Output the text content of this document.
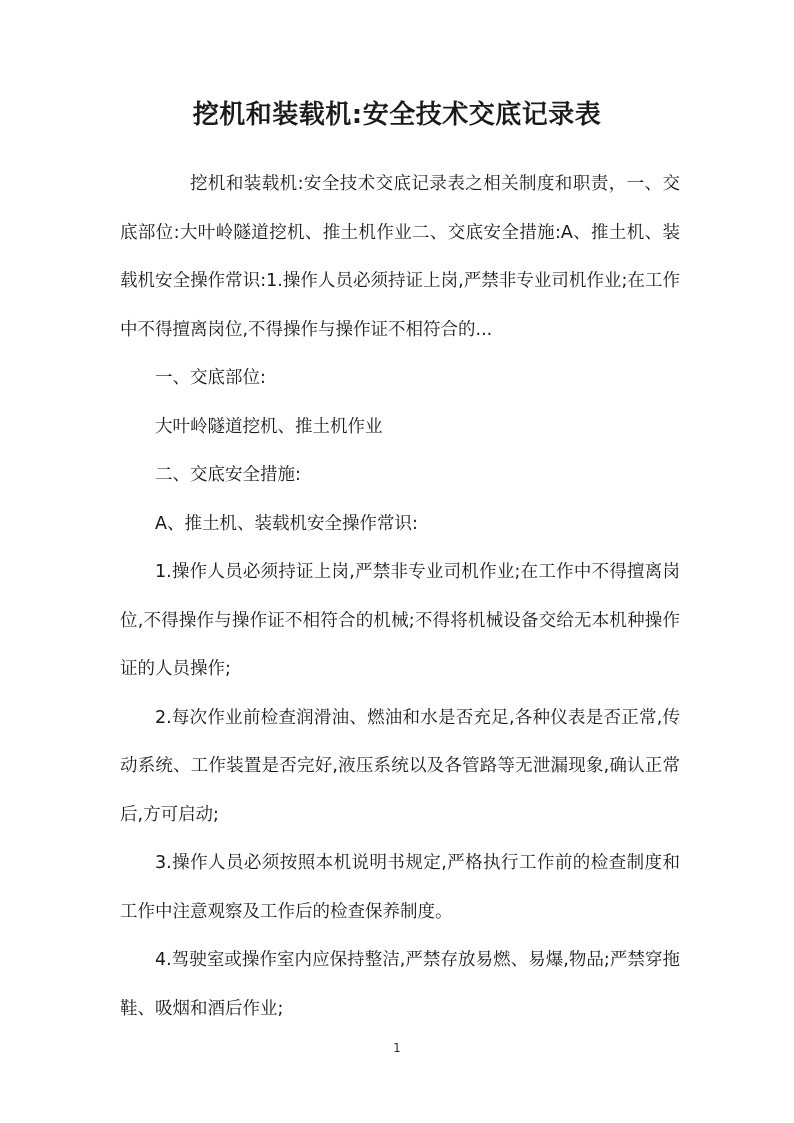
挖机和装载机:安全技术交底记录表

挖机和装载机:安全技术交底记录表之相关制度和职责，一、交底部位:大叶岭隧道挖机、推土机作业二、交底安全措施:A、推土机、装载机安全操作常识:1.操作人员必须持证上岗,严禁非专业司机作业;在工作中不得擅离岗位,不得操作与操作证不相符合的...

一、交底部位:

大叶岭隧道挖机、推土机作业

二、交底安全措施:

A、推土机、装载机安全操作常识:

1.操作人员必须持证上岗,严禁非专业司机作业;在工作中不得擅离岗位,不得操作与操作证不相符合的机械;不得将机械设备交给无本机种操作证的人员操作;

2.每次作业前检查润滑油、燃油和水是否充足,各种仪表是否正常,传动系统、工作装置是否完好,液压系统以及各管路等无泄漏现象,确认正常后,方可启动;

3.操作人员必须按照本机说明书规定,严格执行工作前的检查制度和工作中注意观察及工作后的检查保养制度。

4.驾驶室或操作室内应保持整洁,严禁存放易燃、易爆,物品;严禁穿拖鞋、吸烟和酒后作业;

1
